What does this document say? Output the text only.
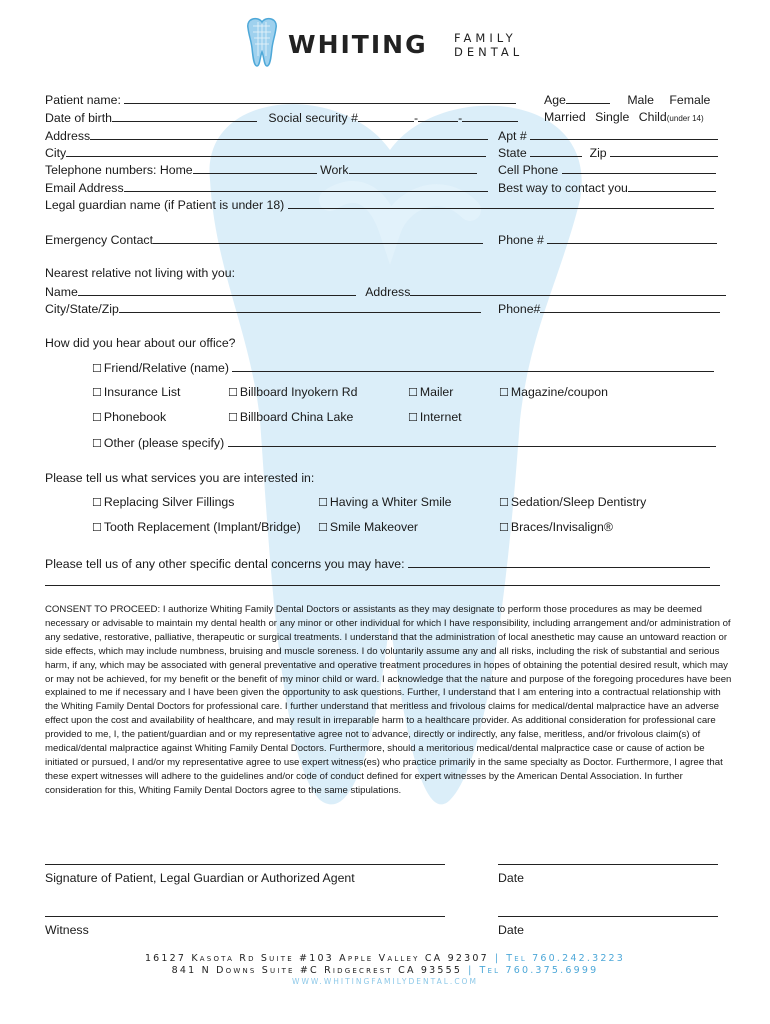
WHITING FAMILY
DENTAL
Patient name:	Age	Male Female
Date of birth	Social security #	-	-	Married Single Child(under 14)
Address	Apt #
City	State	Zip
Telephone numbers: Home	Work	Cell Phone
Email Address	Best way to contact you
Legal guardian name (if Patient is under 18)
Emergency Contact	Phone #
Nearest relative not living with you:
Name	Address
City/State/Zip	Phone#
How did you hear about our office?
☐ Friend/Relative (name)
☐ Insurance List	☐ Billboard Inyokern Rd	☐ Mailer	☐ Magazine/coupon
☐ Phonebook	☐ Billboard China Lake	☐ Internet
☐ Other (please specify)
Please tell us what services you are interested in:
☐ Replacing Silver Fillings	☐ Having a Whiter Smile	☐ Sedation/Sleep Dentistry
☐ Tooth Replacement (Implant/Bridge) ☐ Smile Makeover	☐ Braces/Invisalign®
Please tell us of any other specific dental concerns you may have:
CONSENT TO PROCEED: I authorize Whiting Family Dental Doctors or assistants as they may designate to perform those procedures as may be deemed necessary or advisable to maintain my dental health or any minor or other individual for which I have responsibility, including arrangement and/or administration of any sedative, restorative, palliative, therapeutic or surgical treatments. I understand that the administration of local anesthetic may cause an untoward reaction or side effects, which may include numbness, bruising and muscle soreness. I do voluntarily assume any and all risks, including the risk of substantial and serious harm, if any, which may be associated with general preventative and operative treatment procedures in hopes of obtaining the potential desired result, which may or may not be achieved, for my benefit or the benefit of my minor child or ward. I acknowledge that the nature and purpose of the foregoing procedures have been explained to me if necessary and I have been given the opportunity to ask questions. Further, I understand that I am entering into a contractual relationship with the Whiting Family Dental Doctors for professional care. I further understand that meritless and frivolous claims for medical/dental malpractice have an adverse effect upon the cost and availability of healthcare, and may result in irreparable harm to a healthcare provider. As additional consideration for professional care provided to me, I, the patient/guardian and or my representative agree not to advance, directly or indirectly, any false, meritless, and/or frivolous claim(s) of medical/dental malpractice against Whiting Family Dental Doctors. Furthermore, should a meritorious medical/dental malpractice case or cause of action be initiated or pursued, I and/or my representative agree to use expert witness(es) who practice primarily in the same specialty as Doctor. Furthermore, I agree that these expert witnesses will adhere to the guidelines and/or code of conduct defined for expert witnesses by the American Dental Association. In further consideration for this, Whiting Family Dental Doctors agree to the same stipulations.
Signature of Patient, Legal Guardian or Authorized Agent	Date
Witness	Date
16127 Kasota Rd Suite #103 Apple Valley CA 92307 | Tel 760.242.3223
841 N Downs Suite #C Ridgecrest CA 93555 | Tel 760.375.6999
WWW.WHITINGFAMILYDENTAL.COM
